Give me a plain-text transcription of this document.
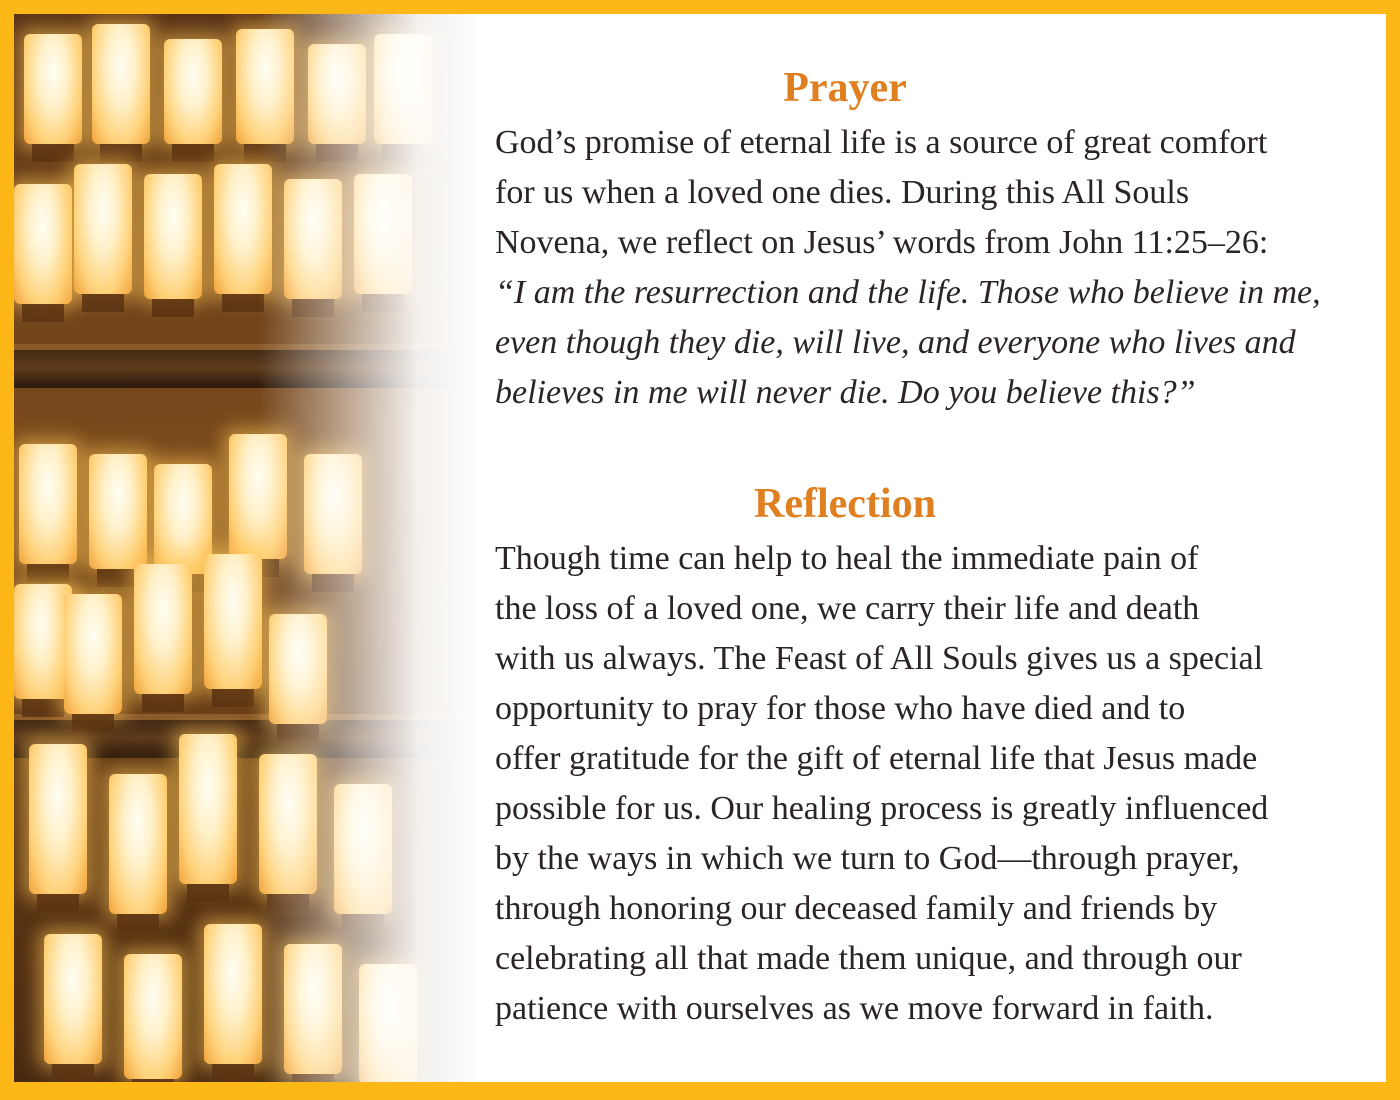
Prayer
God’s promise of eternal life is a source of great comfort
for us when a loved one dies. During this All Souls
Novena, we reflect on Jesus’ words from John 11:25–26:
“I am the resurrection and the life. Those who believe in me,
even though they die, will live, and everyone who lives and
believes in me will never die. Do you believe this?”
Reflection
Though time can help to heal the immediate pain of
the loss of a loved one, we carry their life and death
with us always. The Feast of All Souls gives us a special
opportunity to pray for those who have died and to
offer gratitude for the gift of eternal life that Jesus made
possible for us. Our healing process is greatly influenced
by the ways in which we turn to God—through prayer,
through honoring our deceased family and friends by
celebrating all that made them unique, and through our
patience with ourselves as we move forward in faith.
